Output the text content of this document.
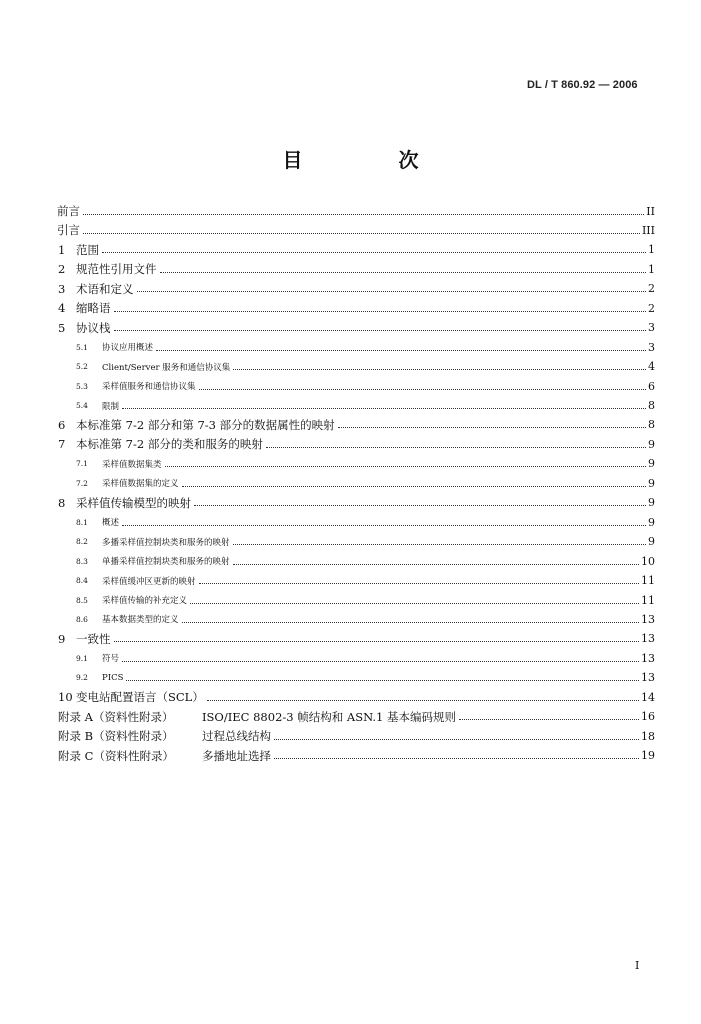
DL / T 860.92 — 2006
目　次
前言	II
引言	III
1 范围	1
2 规范性引用文件	1
3 术语和定义	2
4 缩略语	2
5 协议栈	3
5.1	协议应用概述	3
5.2	Client/Server 服务和通信协议集	4
5.3	采样值服务和通信协议集	6
5.4	限制	8
6 本标准第 7-2 部分和第 7-3 部分的数据属性的映射	8
7 本标准第 7-2 部分的类和服务的映射	9
7.1	采样值数据集类	9
7.2	采样值数据集的定义	9
8 采样值传输模型的映射	9
8.1	概述	9
8.2	多播采样值控制块类和服务的映射	9
8.3	单播采样值控制块类和服务的映射	10
8.4	采样值缓冲区更新的映射	11
8.5	采样值传输的补充定义	11
8.6	基本数据类型的定义	13
9 一致性	13
9.1	符号	13
9.2	PICS	13
10 变电站配置语言（SCL）	14
附录 A（资料性附录）	ISO/IEC 8802-3 帧结构和 ASN.1 基本编码规则	16
附录 B（资料性附录）	过程总线结构	18
附录 C（资料性附录）	多播地址选择	19
I
